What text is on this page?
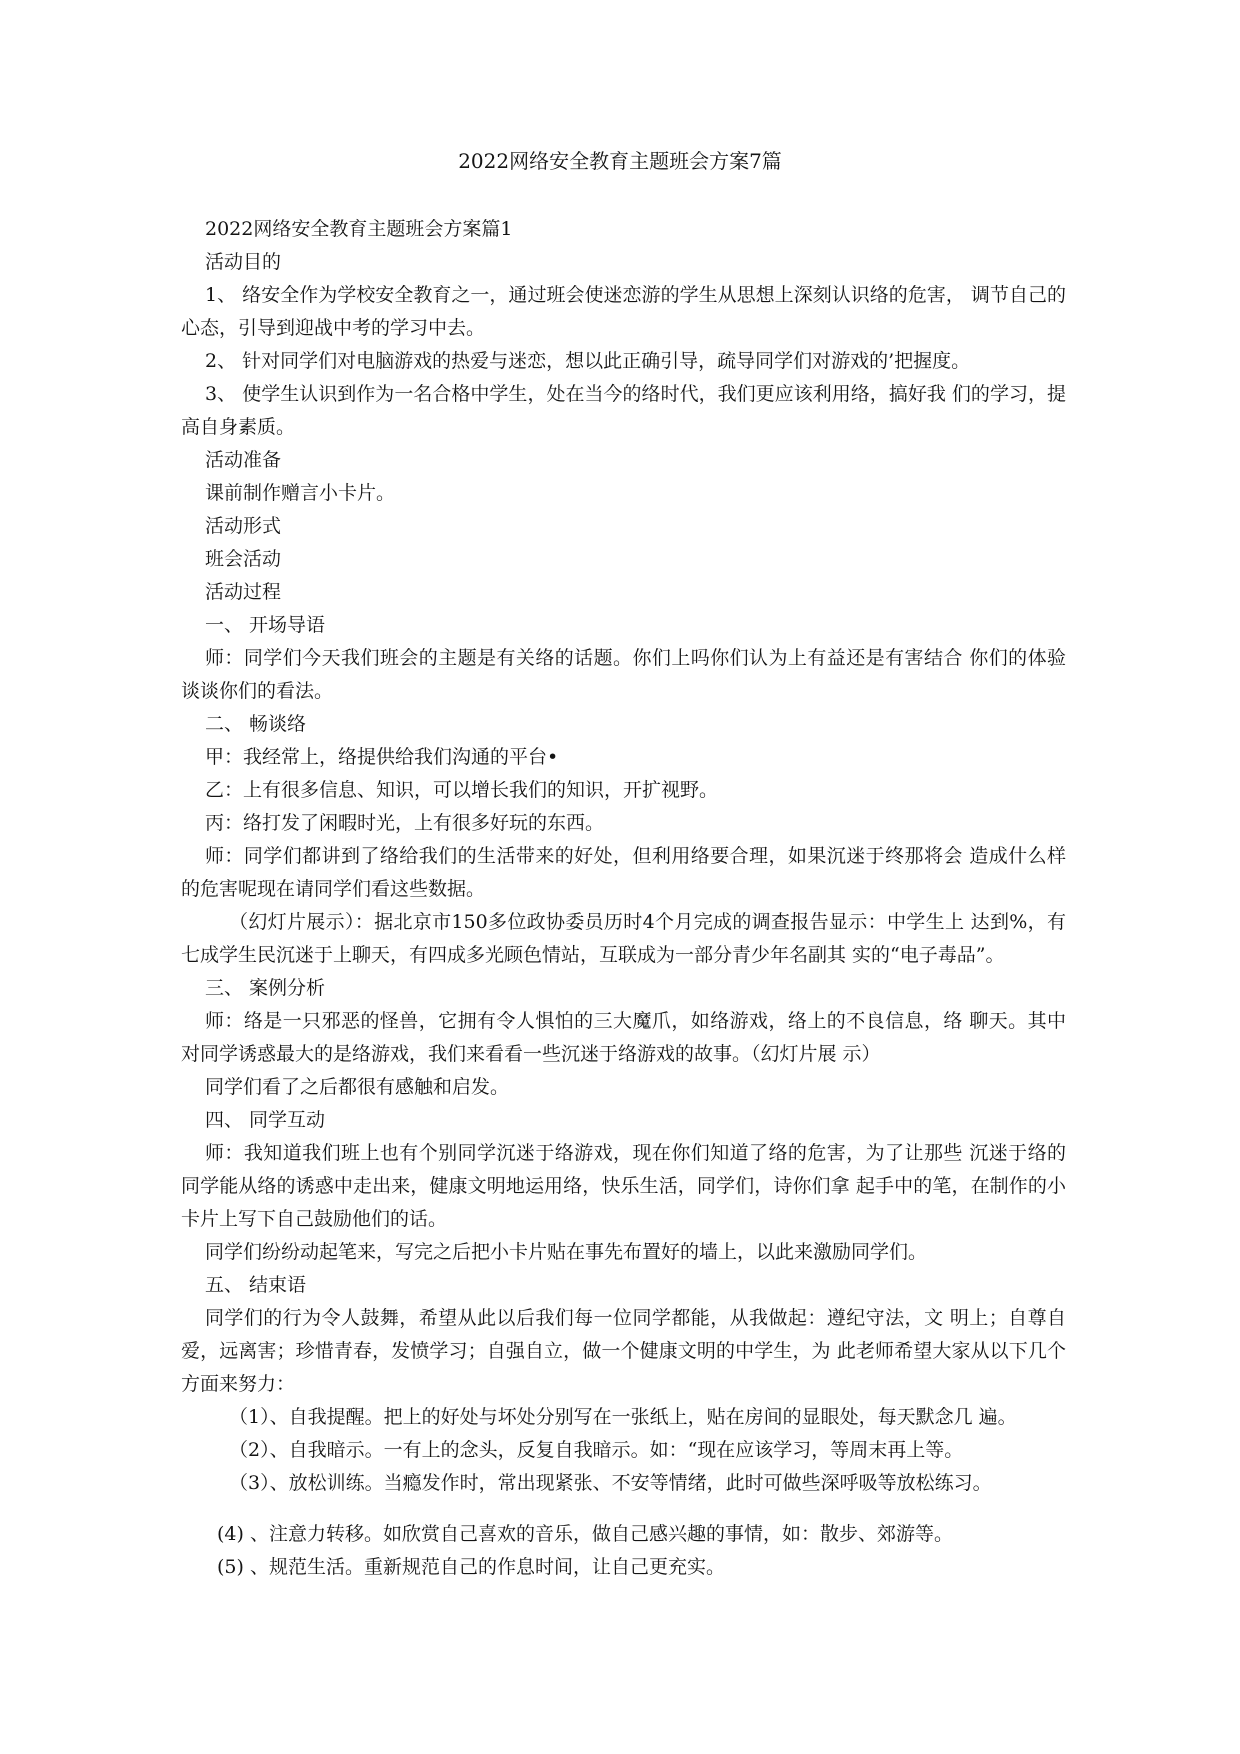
2022网络安全教育主题班会方案7篇

2022网络安全教育主题班会方案篇1

活动目的

1、 络安全作为学校安全教育之一，通过班会使迷恋游的学生从思想上深刻认识络的危害， 调节自己的心态，引导到迎战中考的学习中去。

2、 针对同学们对电脑游戏的热爱与迷恋，想以此正确引导，疏导同学们对游戏的’把握度。

3、 使学生认识到作为一名合格中学生，处在当今的络时代，我们更应该利用络，搞好我 们的学习，提高自身素质。

活动准备

课前制作赠言小卡片。

活动形式

班会活动

活动过程

一、 开场导语

师：同学们今天我们班会的主题是有关络的话题。你们上吗你们认为上有益还是有害结合 你们的体验谈谈你们的看法。

二、 畅谈络

甲：我经常上，络提供给我们沟通的平台•

乙：上有很多信息、知识，可以增长我们的知识，开扩视野。

丙：络打发了闲暇时光，上有很多好玩的东西。

师：同学们都讲到了络给我们的生活带来的好处，但利用络要合理，如果沉迷于终那将会 造成什么样的危害呢现在请同学们看这些数据。

（幻灯片展示）：据北京市150多位政协委员历时4个月完成的调查报告显示：中学生上 达到%，有七成学生民沉迷于上聊天，有四成多光顾色情站，互联成为一部分青少年名副其 实的“电子毒品”。

三、 案例分析

师：络是一只邪恶的怪兽，它拥有令人惧怕的三大魔爪，如络游戏，络上的不良信息，络 聊天。其中对同学诱惑最大的是络游戏，我们来看看一些沉迷于络游戏的故事。（幻灯片展 示）

同学们看了之后都很有感触和启发。

四、 同学互动

师：我知道我们班上也有个别同学沉迷于络游戏，现在你们知道了络的危害，为了让那些 沉迷于络的同学能从络的诱惑中走出来，健康文明地运用络，快乐生活，同学们，诗你们拿 起手中的笔，在制作的小卡片上写下自己鼓励他们的话。

同学们纷纷动起笔来，写完之后把小卡片贴在事先布置好的墙上，以此来激励同学们。

五、 结束语

同学们的行为令人鼓舞，希望从此以后我们每一位同学都能，从我做起：遵纪守法，文 明上；自尊自爱，远离害；珍惜青春，发愤学习；自强自立，做一个健康文明的中学生，为 此老师希望大家从以下几个方面来努力：

（1）、自我提醒。把上的好处与坏处分别写在一张纸上，贴在房间的显眼处，每天默念几 遍。

（2）、自我暗示。一有上的念头，反复自我暗示。如：“现在应该学习，等周末再上等。

（3）、放松训练。当瘾发作时，常出现紧张、不安等情绪，此时可做些深呼吸等放松练习。

(4) 、注意力转移。如欣赏自己喜欢的音乐，做自己感兴趣的事情，如：散步、郊游等。

(5) 、规范生活。重新规范自己的作息时间，让自己更充实。
